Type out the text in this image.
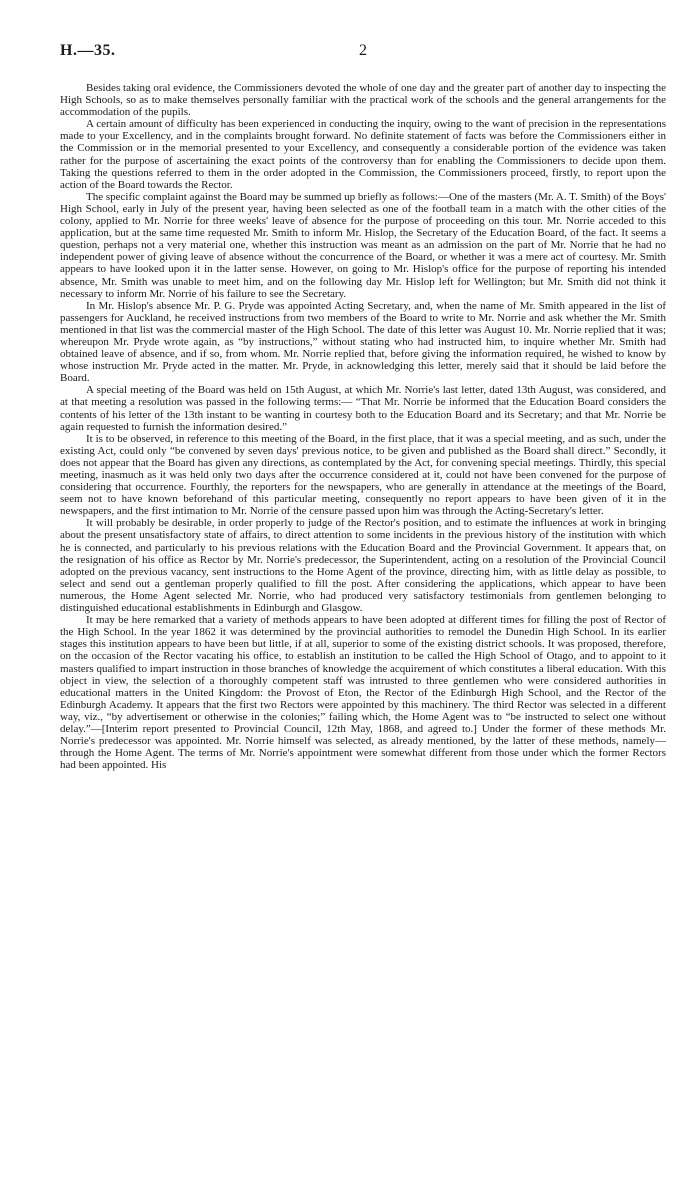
H.—35.	2

Besides taking oral evidence, the Commissioners devoted the whole of one day and the greater part of another day to inspecting the High Schools, so as to make themselves personally familiar with the practical work of the schools and the general arrangements for the accommodation of the pupils.

A certain amount of difficulty has been experienced in conducting the inquiry, owing to the want of precision in the representations made to your Excellency, and in the complaints brought forward. No definite statement of facts was before the Commissioners either in the Commission or in the memorial presented to your Excellency, and consequently a considerable portion of the evidence was taken rather for the purpose of ascertaining the exact points of the controversy than for enabling the Commissioners to decide upon them. Taking the questions referred to them in the order adopted in the Commission, the Commissioners proceed, firstly, to report upon the action of the Board towards the Rector.

The specific complaint against the Board may be summed up briefly as follows:—One of the masters (Mr. A. T. Smith) of the Boys' High School, early in July of the present year, having been selected as one of the football team in a match with the other cities of the colony, applied to Mr. Norrie for three weeks' leave of absence for the purpose of proceeding on this tour. Mr. Norrie acceded to this application, but at the same time requested Mr. Smith to inform Mr. Hislop, the Secretary of the Education Board, of the fact. It seems a question, perhaps not a very material one, whether this instruction was meant as an admission on the part of Mr. Norrie that he had no independent power of giving leave of absence without the concurrence of the Board, or whether it was a mere act of courtesy. Mr. Smith appears to have looked upon it in the latter sense. However, on going to Mr. Hislop's office for the purpose of reporting his intended absence, Mr. Smith was unable to meet him, and on the following day Mr. Hislop left for Wellington; but Mr. Smith did not think it necessary to inform Mr. Norrie of his failure to see the Secretary.

In Mr. Hislop's absence Mr. P. G. Pryde was appointed Acting Secretary, and, when the name of Mr. Smith appeared in the list of passengers for Auckland, he received instructions from two members of the Board to write to Mr. Norrie and ask whether the Mr. Smith mentioned in that list was the commercial master of the High School. The date of this letter was August 10. Mr. Norrie replied that it was; whereupon Mr. Pryde wrote again, as “by instructions,” without stating who had instructed him, to inquire whether Mr. Smith had obtained leave of absence, and if so, from whom. Mr. Norrie replied that, before giving the information required, he wished to know by whose instruction Mr. Pryde acted in the matter. Mr. Pryde, in acknowledging this letter, merely said that it should be laid before the Board.

A special meeting of the Board was held on 15th August, at which Mr. Norrie's last letter, dated 13th August, was considered, and at that meeting a resolution was passed in the following terms:— “That Mr. Norrie be informed that the Education Board considers the contents of his letter of the 13th instant to be wanting in courtesy both to the Education Board and its Secretary; and that Mr. Norrie be again requested to furnish the information desired.”

It is to be observed, in reference to this meeting of the Board, in the first place, that it was a special meeting, and as such, under the existing Act, could only “be convened by seven days' previous notice, to be given and published as the Board shall direct.” Secondly, it does not appear that the Board has given any directions, as contemplated by the Act, for convening special meetings. Thirdly, this special meeting, inasmuch as it was held only two days after the occurrence considered at it, could not have been convened for the purpose of considering that occurrence. Fourthly, the reporters for the newspapers, who are generally in attendance at the meetings of the Board, seem not to have known beforehand of this particular meeting, consequently no report appears to have been given of it in the newspapers, and the first intimation to Mr. Norrie of the censure passed upon him was through the Acting-Secretary's letter.

It will probably be desirable, in order properly to judge of the Rector's position, and to estimate the influences at work in bringing about the present unsatisfactory state of affairs, to direct attention to some incidents in the previous history of the institution with which he is connected, and particularly to his previous relations with the Education Board and the Provincial Government. It appears that, on the resignation of his office as Rector by Mr. Norrie's predecessor, the Superintendent, acting on a resolution of the Provincial Council adopted on the previous vacancy, sent instructions to the Home Agent of the province, directing him, with as little delay as possible, to select and send out a gentleman properly qualified to fill the post. After considering the applications, which appear to have been numerous, the Home Agent selected Mr. Norrie, who had produced very satisfactory testimonials from gentlemen belonging to distinguished educational establishments in Edinburgh and Glasgow.

It may be here remarked that a variety of methods appears to have been adopted at different times for filling the post of Rector of the High School. In the year 1862 it was determined by the provincial authorities to remodel the Dunedin High School. In its earlier stages this institution appears to have been but little, if at all, superior to some of the existing district schools. It was proposed, therefore, on the occasion of the Rector vacating his office, to establish an institution to be called the High School of Otago, and to appoint to it masters qualified to impart instruction in those branches of knowledge the acquirement of which constitutes a liberal education. With this object in view, the selection of a thoroughly competent staff was intrusted to three gentlemen who were considered authorities in educational matters in the United Kingdom: the Provost of Eton, the Rector of the Edinburgh High School, and the Rector of the Edinburgh Academy. It appears that the first two Rectors were appointed by this machinery. The third Rector was selected in a different way, viz., “by advertisement or otherwise in the colonies;” failing which, the Home Agent was to “be instructed to select one without delay.”—[Interim report presented to Provincial Council, 12th May, 1868, and agreed to.] Under the former of these methods Mr. Norrie's predecessor was appointed. Mr. Norrie himself was selected, as already mentioned, by the latter of these methods, namely—through the Home Agent. The terms of Mr. Norrie's appointment were somewhat different from those under which the former Rectors had been appointed. His
